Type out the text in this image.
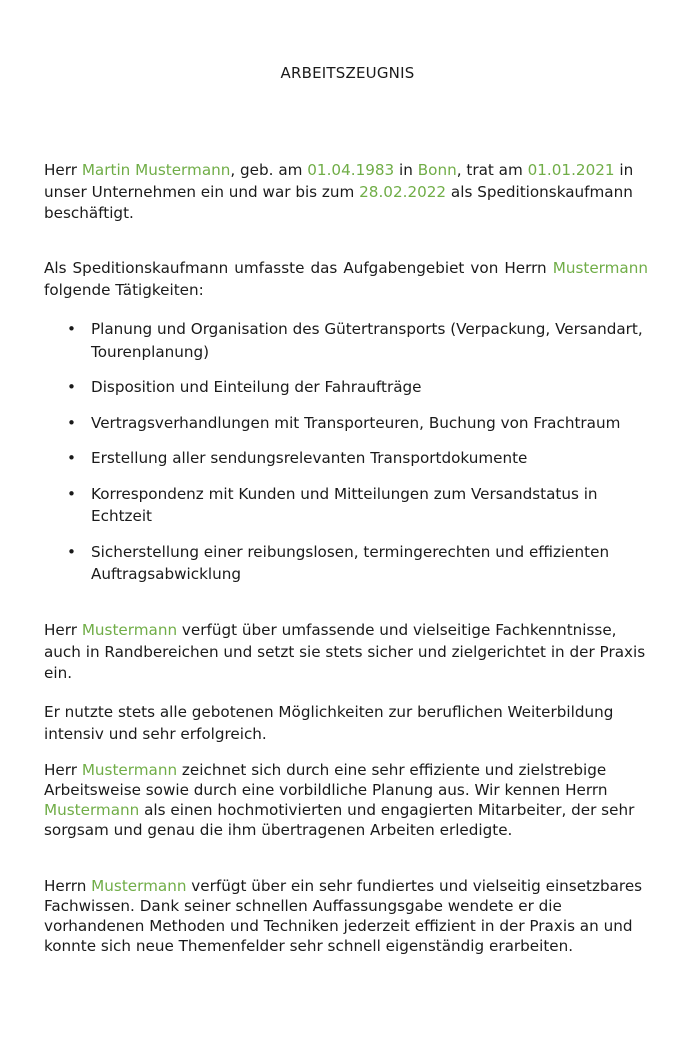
ARBEITSZEUGNIS

Herr Martin Mustermann, geb. am 01.04.1983 in Bonn, trat am 01.01.2021 in unser Unternehmen ein und war bis zum 28.02.2022 als Speditionskaufmann beschäftigt.

Als Speditionskaufmann umfasste das Aufgabengebiet von Herrn Mustermann folgende Tätigkeiten:

• Planung und Organisation des Gütertransports (Verpackung, Versandart, Tourenplanung)
• Disposition und Einteilung der Fahraufträge
• Vertragsverhandlungen mit Transporteuren, Buchung von Frachtraum
• Erstellung aller sendungsrelevanten Transportdokumente
• Korrespondenz mit Kunden und Mitteilungen zum Versandstatus in Echtzeit
• Sicherstellung einer reibungslosen, termingerechten und effizienten Auftragsabwicklung

Herr Mustermann verfügt über umfassende und vielseitige Fachkenntnisse, auch in Randbereichen und setzt sie stets sicher und zielgerichtet in der Praxis ein.

Er nutzte stets alle gebotenen Möglichkeiten zur beruflichen Weiterbildung intensiv und sehr erfolgreich.

Herr Mustermann zeichnet sich durch eine sehr effiziente und zielstrebige Arbeitsweise sowie durch eine vorbildliche Planung aus. Wir kennen Herrn Mustermann als einen hochmotivierten und engagierten Mitarbeiter, der sehr sorgsam und genau die ihm übertragenen Arbeiten erledigte.

Herrn Mustermann verfügt über ein sehr fundiertes und vielseitig einsetzbares Fachwissen. Dank seiner schnellen Auffassungsgabe wendete er die vorhandenen Methoden und Techniken jederzeit effizient in der Praxis an und konnte sich neue Themenfelder sehr schnell eigenständig erarbeiten.
